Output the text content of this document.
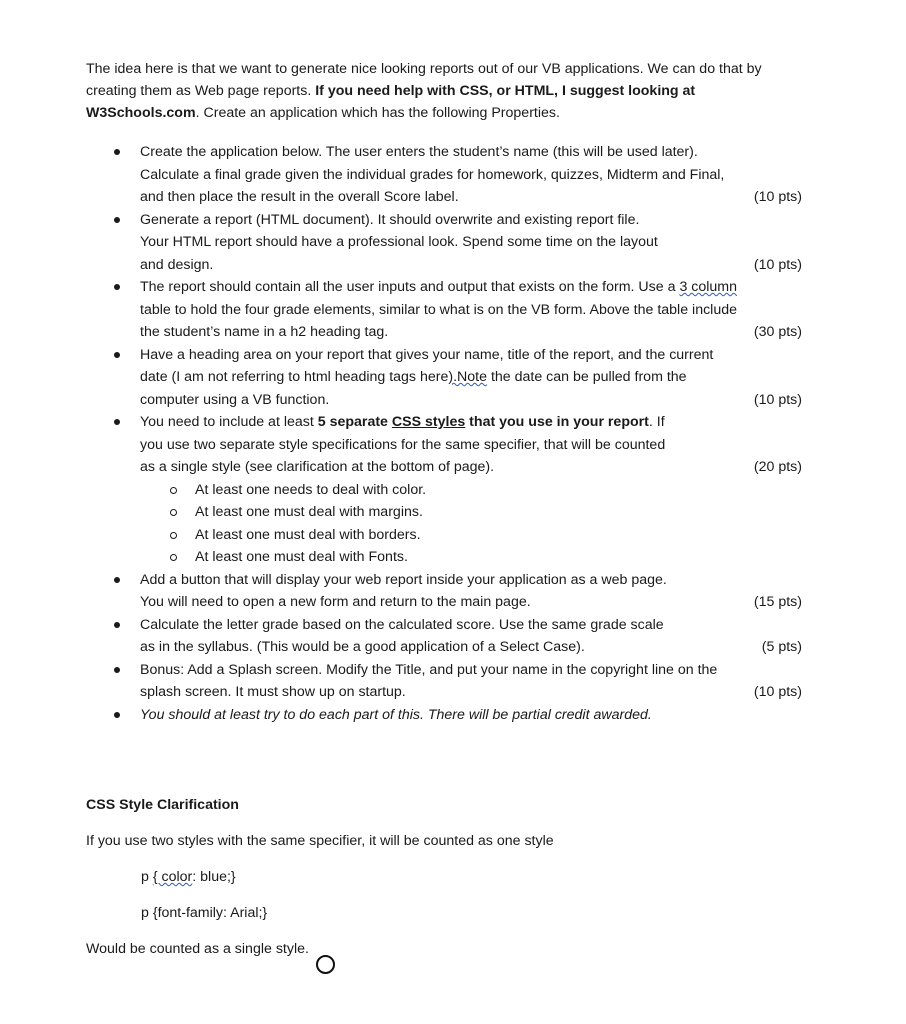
The idea here is that we want to generate nice looking reports out of our VB applications. We can do that by creating them as Web page reports. If you need help with CSS, or HTML, I suggest looking at W3Schools.com. Create an application which has the following Properties.

Create the application below. The user enters the student’s name (this will be used later).
Calculate a final grade given the individual grades for homework, quizzes, Midterm and Final,
and then place the result in the overall Score label.	(10 pts)
Generate a report (HTML document). It should overwrite and existing report file.
Your HTML report should have a professional look. Spend some time on the layout
and design.	(10 pts)
The report should contain all the user inputs and output that exists on the form. Use a 3 column
table to hold the four grade elements, similar to what is on the VB form. Above the table include
the student’s name in a h2 heading tag.	(30 pts)
Have a heading area on your report that gives your name, title of the report, and the current
date (I am not referring to html heading tags here).Note the date can be pulled from the
computer using a VB function.	(10 pts)
You need to include at least 5 separate CSS styles that you use in your report. If
you use two separate style specifications for the same specifier, that will be counted
as a single style (see clarification at the bottom of page).	(20 pts)
At least one needs to deal with color.
At least one must deal with margins.
At least one must deal with borders.
At least one must deal with Fonts.
Add a button that will display your web report inside your application as a web page.
You will need to open a new form and return to the main page.	(15 pts)
Calculate the letter grade based on the calculated score. Use the same grade scale
as in the syllabus. (This would be a good application of a Select Case).	(5 pts)
Bonus: Add a Splash screen. Modify the Title, and put your name in the copyright line on the
splash screen. It must show up on startup.	(10 pts)
You should at least try to do each part of this. There will be partial credit awarded.
CSS Style Clarification

If you use two styles with the same specifier, it will be counted as one style

p { color: blue;}

p {font-family: Arial;}

Would be counted as a single style.
